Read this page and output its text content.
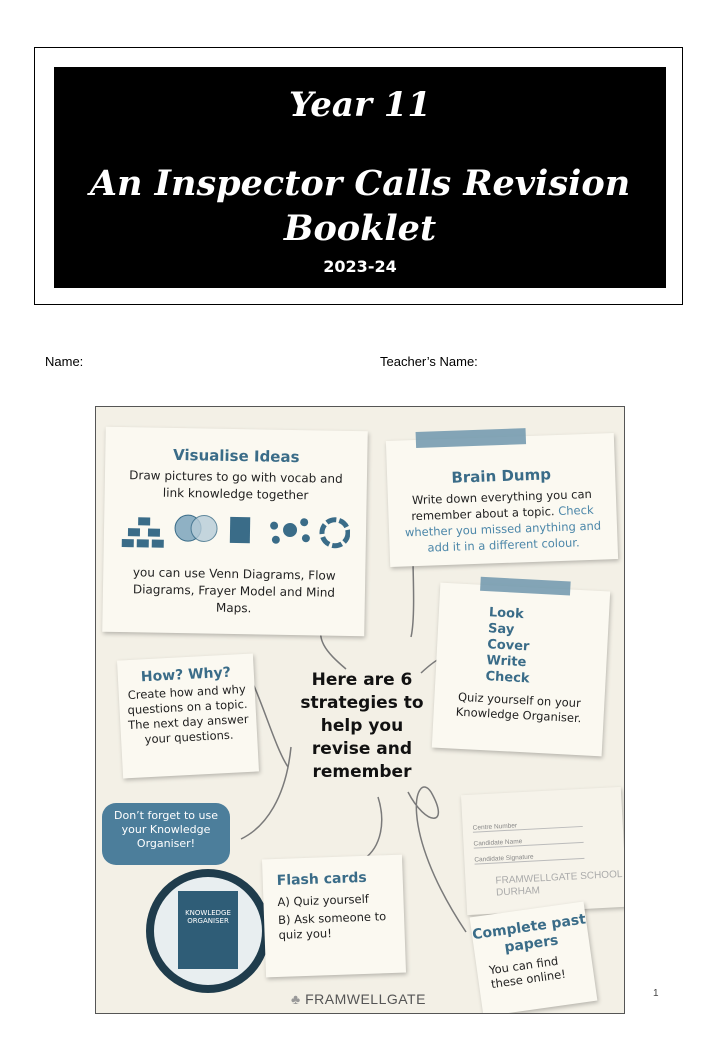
Year 11
An Inspector Calls Revision
Booklet
2023-24
Name:	Teacher’s Name:
Visualise Ideas
Draw pictures to go with vocab and link knowledge together
you can use Venn Diagrams, Flow Diagrams, Frayer Model and Mind Maps.
Brain Dump
Write down everything you can remember about a topic. Check whether you missed anything and add it in a different colour.
How? Why?
Create how and why questions on a topic. The next day answer your questions.
Here are 6 strategies to help you revise and remember
Look
Say
Cover
Write
Check
Quiz yourself on your Knowledge Organiser.
Don’t forget to use your Knowledge Organiser!
KNOWLEDGE ORGANISER
Flash cards
A) Quiz yourself
B) Ask someone to quiz you!
Centre Number
Candidate Name
Candidate Signature
FRAMWELLGATE SCHOOL DURHAM
Complete past papers
You can find these online!
♣ FRAMWELLGATE	1
